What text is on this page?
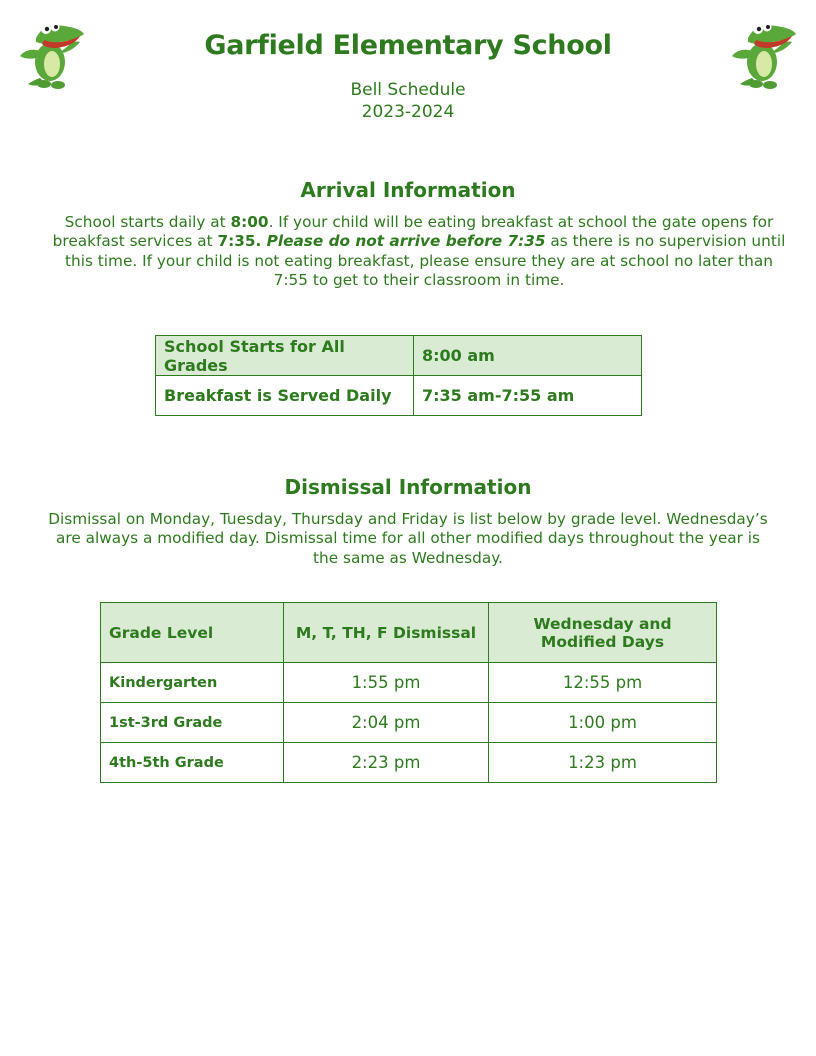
Garfield Elementary School
Bell Schedule
2023-2024
Arrival Information
School starts daily at 8:00. If your child will be eating breakfast at school the gate opens for breakfast services at 7:35. Please do not arrive before 7:35 as there is no supervision until this time. If your child is not eating breakfast, please ensure they are at school no later than 7:55 to get to their classroom in time.
School Starts for All Grades	8:00 am
Breakfast is Served Daily	7:35 am-7:55 am
Dismissal Information
Dismissal on Monday, Tuesday, Thursday and Friday is list below by grade level. Wednesday’s are always a modified day. Dismissal time for all other modified days throughout the year is the same as Wednesday.
Grade Level	M, T, TH, F Dismissal	Wednesday and Modified Days
Kindergarten	1:55 pm	12:55 pm
1st-3rd Grade	2:04 pm	1:00 pm
4th-5th Grade	2:23 pm	1:23 pm
